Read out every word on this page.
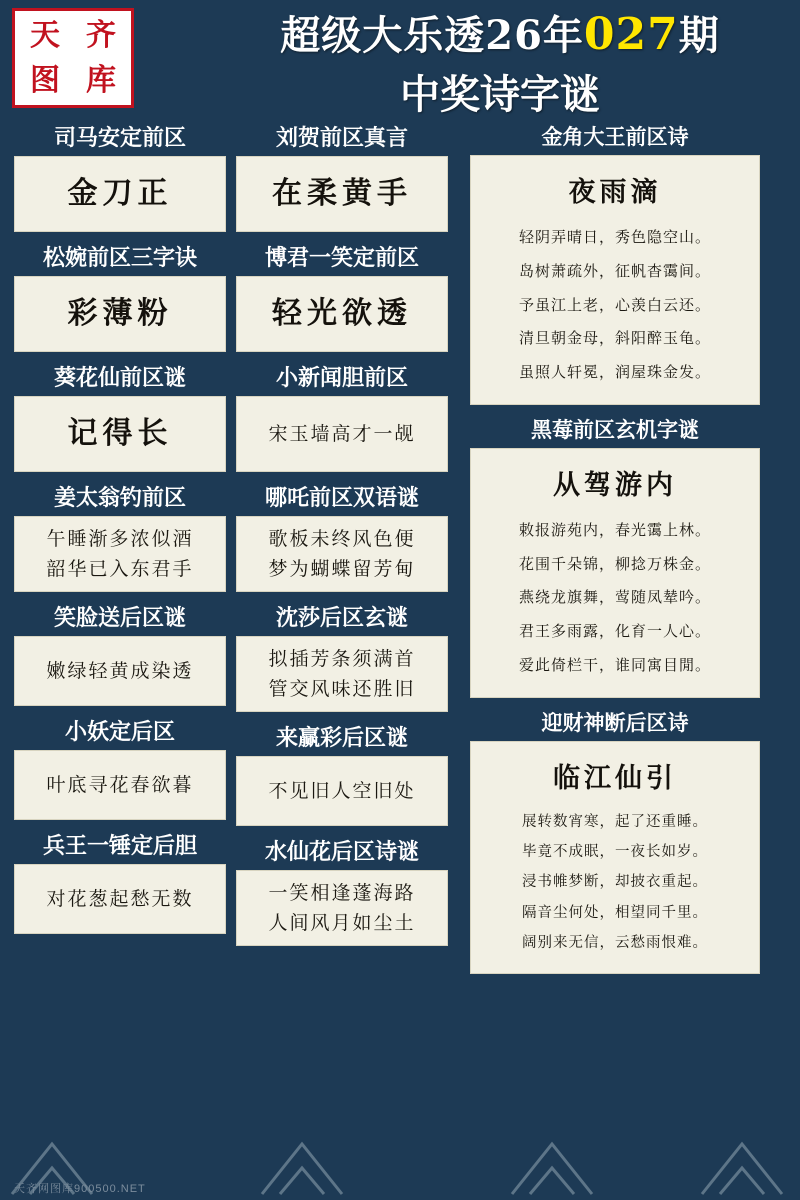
天 齐
图 库
超级大乐透26年027期
中奖诗字谜
司马安定前区
金刀正
松婉前区三字诀
彩薄粉
葵花仙前区谜
记得长
姜太翁钓前区
午睡渐多浓似酒
韶华已入东君手
笑脸送后区谜
嫩绿轻黄成染透
小妖定后区
叶底寻花春欲暮
兵王一锤定后胆
对花葱起愁无数
刘贺前区真言
在柔黄手
博君一笑定前区
轻光欲透
小新闻胆前区
宋玉墙高才一觇
哪吒前区双语谜
歌板未终风色便
梦为蝴蝶留芳甸
沈莎后区玄谜
拟插芳条须满首
管交风味还胜旧
来赢彩后区谜
不见旧人空旧处
水仙花后区诗谜
一笑相逢蓬海路
人间风月如尘土
金角大王前区诗
夜雨滴
轻阴弄晴日，秀色隐空山。
岛树萧疏外，征帆杳霭间。
予虽江上老，心羡白云还。
清旦朝金母，斜阳醉玉龟。
虽照人轩冕，润屋珠金发。
黑莓前区玄机字谜
从驾游内
敕报游苑内，春光霭上林。
花围千朵锦，柳捻万株金。
燕绕龙旗舞，莺随凤辇吟。
君王多雨露，化育一人心。
爱此倚栏干，谁同寓目閒。
迎财神断后区诗
临江仙引
展转数宵寒，起了还重睡。
毕竟不成眠，一夜长如岁。
浸书帷梦断，却披衣重起。
隔音尘何处，相望同千里。
阔别来无信，云愁雨恨难。
天齐网图库900500.NET
